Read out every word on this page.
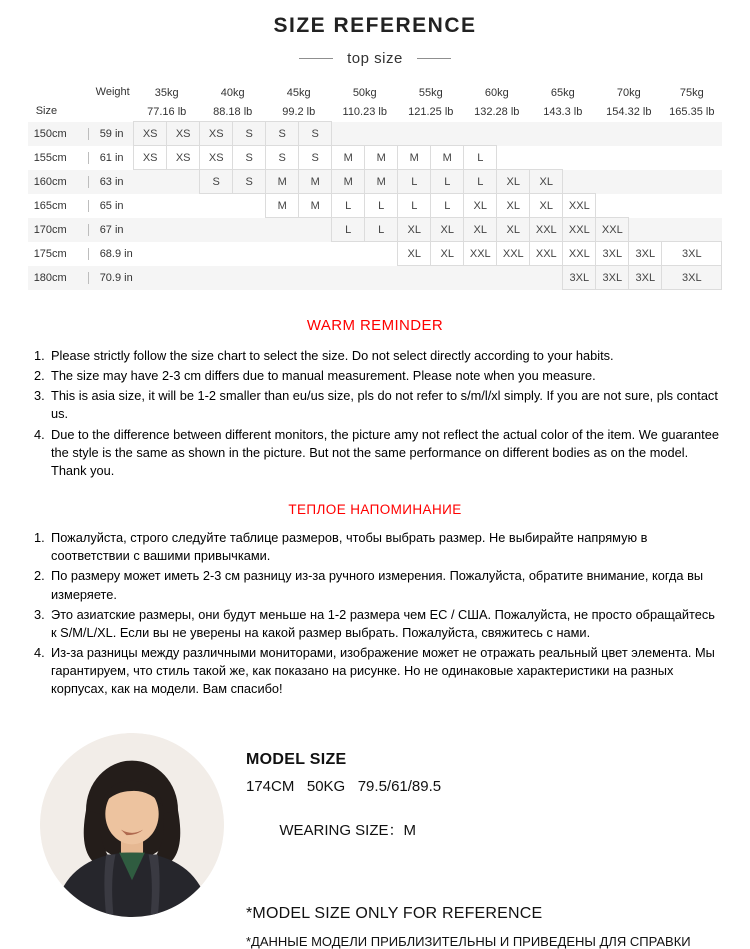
SIZE REFERENCE
top size
Weight
Size	35kg		40kg		45kg		50kg		55kg		60kg		65kg		70kg		75kg
	77.16 lb		88.18 lb		99.2 lb		110.23 lb		121.25 lb		132.28 lb		143.3 lb		154.32 lb		165.35 lb

150cm 59 in	XS	XS	XS	S	S	S											

155cm 61 in	XS	XS	XS	S	S	S	M	M	M	M	L						

160cm 63 in			S	S	M	M	M	M	L	L	L	XL	XL				

165cm 65 in					M	M	L	L	L	L	XL	XL	XL	XXL			

170cm 67 in							L	L	XL	XL	XL	XL	XXL	XXL	XXL		

175cm 68.9 in									XL	XL	XXL	XXL	XXL	XXL	3XL	3XL	3XL

180cm 70.9 in														3XL	3XL	3XL	3XL
WARM REMINDER
1. Please strictly follow the size chart to select the size. Do not select directly according to your habits.
2. The size may have 2-3 cm differs due to manual measurement. Please note when you measure.
3. This is asia size, it will be 1-2 smaller than eu/us size, pls do not refer to s/m/l/xl simply. If you are not sure, pls contact us.
4. Due to the difference between different monitors, the picture amy not reflect the actual color of the item. We guarantee the style is the same as shown in the picture. But not the same performance on different bodies as on the model. Thank you.
ТЕПЛОЕ НАПОМИНАНИЕ
1. Пожалуйста, строго следуйте таблице размеров, чтобы выбрать размер. Не выбирайте напрямую в соответствии с вашими привычками.
2. По размеру может иметь 2-3 см разницу из-за ручного измерения. Пожалуйста, обратите внимание, когда вы измеряете.
3. Это азиатские размеры, они будут меньше на 1-2 размера чем ЕС / США. Пожалуйста, не просто обращайтесь к S/M/L/XL. Если вы не уверены на какой размер выбрать. Пожалуйста, свяжитесь с нами.
4. Из-за разницы между различными мониторами, изображение может не отражать реальный цвет элемента. Мы гарантируем, что стиль такой же, как показано на рисунке. Но не одинаковые характеристики на разных корпусах, как на модели. Вам спасибо!
MODEL SIZE
174CM   50KG   79.5/61/89.5

WEARING SIZE：M

*MODEL SIZE ONLY FOR REFERENCE
*ДАННЫЕ МОДЕЛИ ПРИБЛИЗИТЕЛЬНЫ И ПРИВЕДЕНЫ ДЛЯ СПРАВКИ
